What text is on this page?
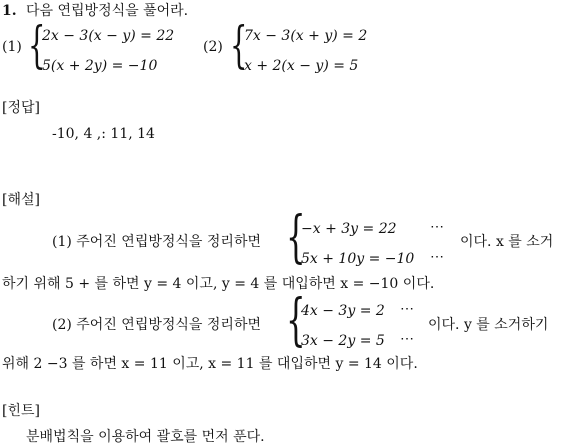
1. 다음 연립방정식을 풀어라.
(1) {
2x − 3(x − y) = 22
5(x + 2y) = −10
(2) {
7x − 3(x + y) = 2
x + 2(x − y) = 5
[정답]
-10, 4 ,: 11, 14
[해설]
(1) 주어진 연립방정식을 정리하면 {
−x + 3y = 22
5x + 10y = −10
⋯
⋯
이다. x 를 소거
하기 위해 5 + 를 하면 y = 4 이고, y = 4 를 대입하면 x = −10 이다.
(2) 주어진 연립방정식을 정리하면 {
4x − 3y = 2
3x − 2y = 5
⋯
⋯
이다. y 를 소거하기
위해 2 −3 를 하면 x = 11 이고, x = 11 를 대입하면 y = 14 이다.
[힌트]
분배법칙을 이용하여 괄호를 먼저 푼다.
